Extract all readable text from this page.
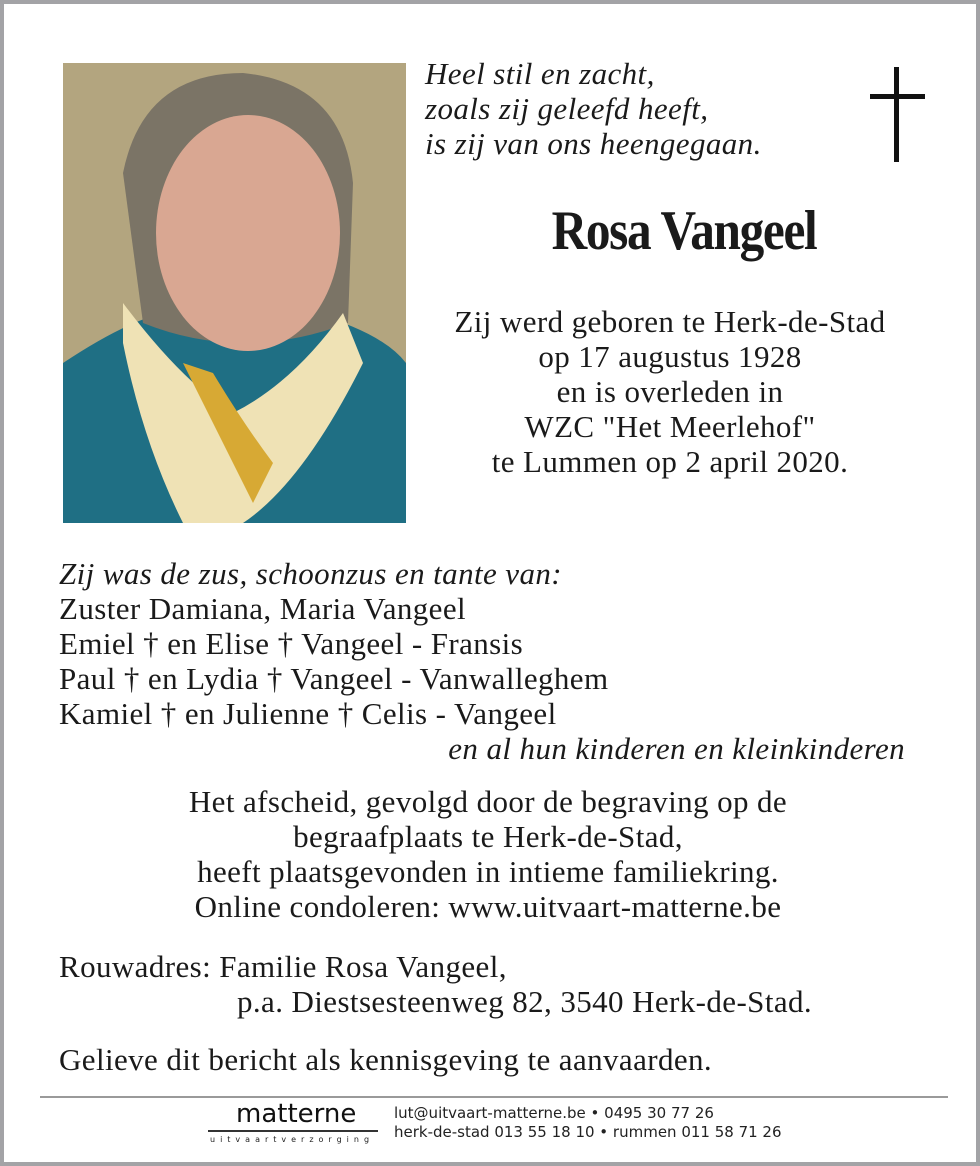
Heel stil en zacht,
zoals zij geleefd heeft,
is zij van ons heengegaan.
Rosa Vangeel
Zij werd geboren te Herk-de-Stad
op 17 augustus 1928
en is overleden in
WZC "Het Meerlehof"
te Lummen op 2 april 2020.
Zij was de zus, schoonzus en tante van:
Zuster Damiana, Maria Vangeel
Emiel † en Elise † Vangeel - Fransis
Paul † en Lydia † Vangeel - Vanwalleghem
Kamiel † en Julienne † Celis - Vangeel
en al hun kinderen en kleinkinderen
Het afscheid, gevolgd door de begraving op de
begraafplaats te Herk-de-Stad,
heeft plaatsgevonden in intieme familiekring.
Online condoleren: www.uitvaart-matterne.be
Rouwadres: Familie Rosa Vangeel,
p.a. Diestsesteenweg 82, 3540 Herk-de-Stad.
Gelieve dit bericht als kennisgeving te aanvaarden.
matterne
uitvaartverzorging
lut@uitvaart-matterne.be • 0495 30 77 26
herk-de-stad 013 55 18 10 • rummen 011 58 71 26
